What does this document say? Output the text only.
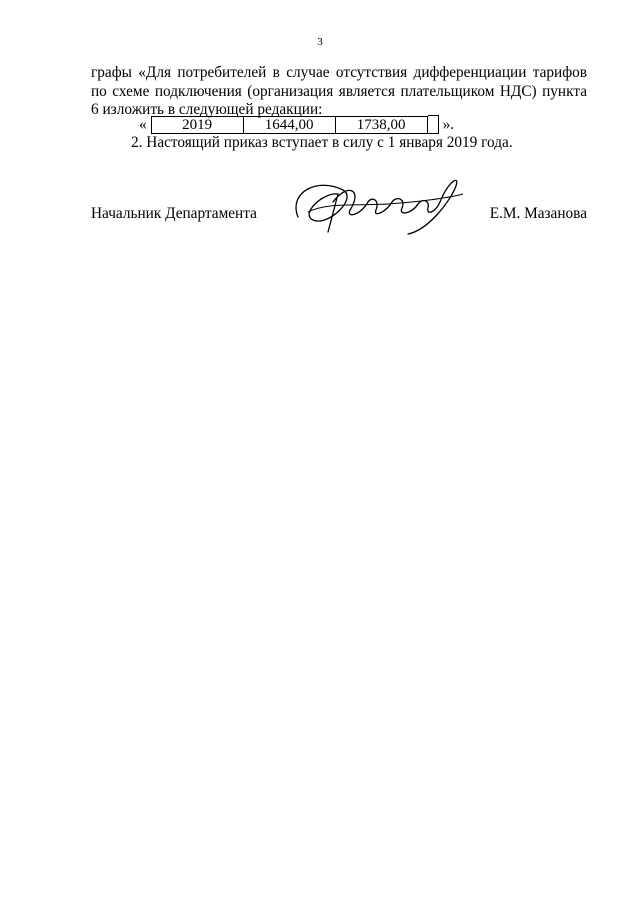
3
графы «Для потребителей в случае отсутствия дифференциации тарифов по схеме подключения (организация является плательщиком НДС) пункта 6 изложить в следующей редакции:
« 2019	1644,00	1738,00 ».
2. Настоящий приказ вступает в силу с 1 января 2019 года.
Начальник Департамента	Е.М. Мазанова
